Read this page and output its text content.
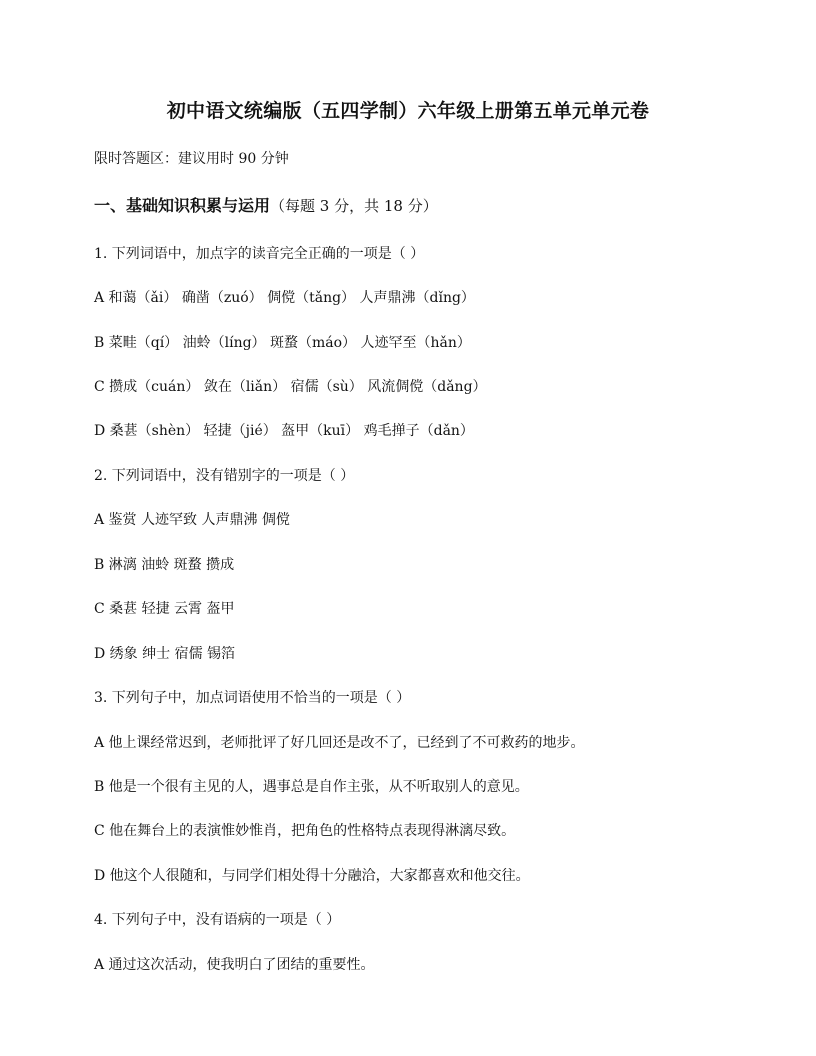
初中语文统编版（五四学制）六年级上册第五单元单元卷
限时答题区：建议用时 90 分钟
一、基础知识积累与运用（每题 3 分，共 18 分）
1. 下列词语中，加点字的读音完全正确的一项是（ ）
A 和蔼（ǎi） 确凿（zuó） 倜傥（tǎng） 人声鼎沸（dǐng）
B 菜畦（qí） 油蛉（líng） 斑蝥（máo） 人迹罕至（hǎn）
C 攒成（cuán） 敛在（liǎn） 宿儒（sù） 风流倜傥（dǎng）
D 桑葚（shèn） 轻捷（jié） 盔甲（kuī） 鸡毛掸子（dǎn）
2. 下列词语中，没有错别字的一项是（ ）
A 鉴赏 人迹罕致 人声鼎沸 倜傥
B 淋漓 油蛉 斑蝥 攒成
C 桑葚 轻捷 云霄 盔甲
D 绣象 绅士 宿儒 锡箔
3. 下列句子中，加点词语使用不恰当的一项是（ ）
A 他上课经常迟到，老师批评了好几回还是改不了，已经到了不可救药的地步。
B 他是一个很有主见的人，遇事总是自作主张，从不听取别人的意见。
C 他在舞台上的表演惟妙惟肖，把角色的性格特点表现得淋漓尽致。
D 他这个人很随和，与同学们相处得十分融洽，大家都喜欢和他交往。
4. 下列句子中，没有语病的一项是（ ）
A 通过这次活动，使我明白了团结的重要性。
